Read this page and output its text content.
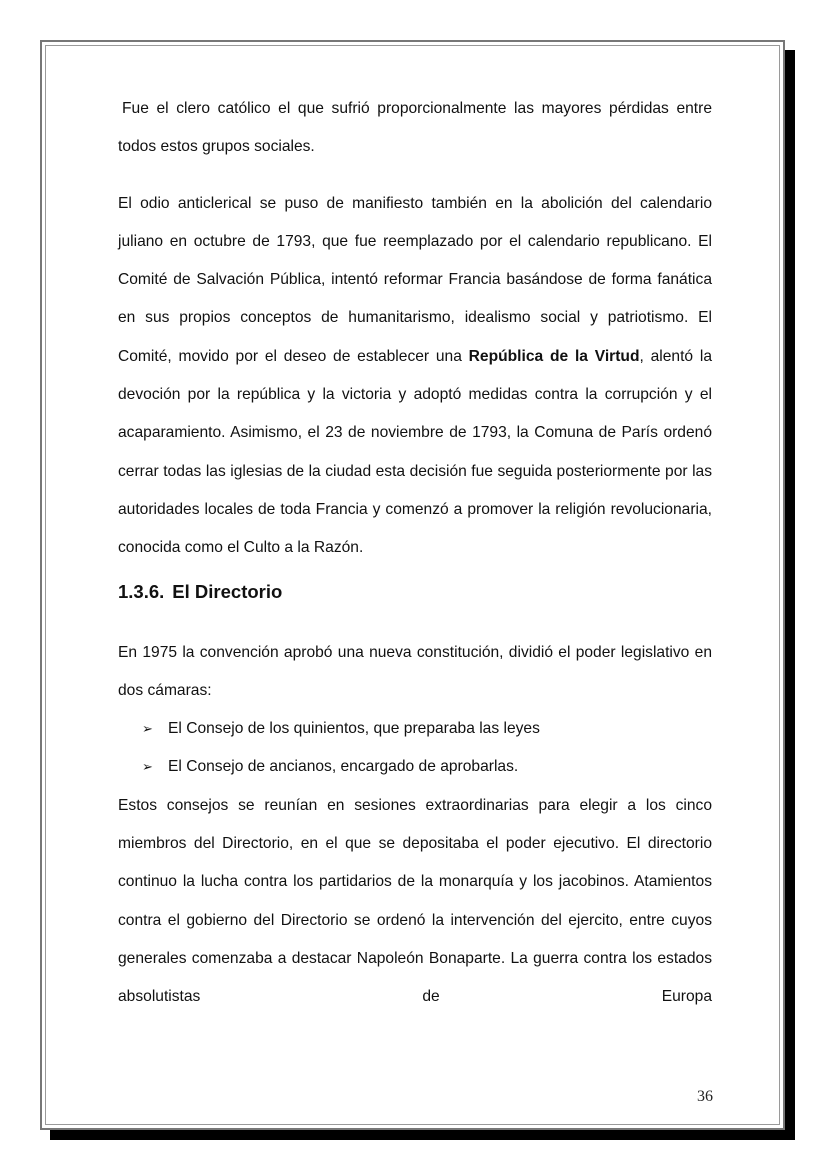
Fue el clero católico el que sufrió proporcionalmente las mayores pérdidas entre todos estos grupos sociales.

El odio anticlerical se puso de manifiesto también en la abolición del calendario juliano en octubre de 1793, que fue reemplazado por el calendario republicano. El Comité de Salvación Pública, intentó reformar Francia basándose de forma fanática en sus propios conceptos de humanitarismo, idealismo social y patriotismo. El Comité, movido por el deseo de establecer una República de la Virtud, alentó la devoción por la república y la victoria y adoptó medidas contra la corrupción y el acaparamiento. Asimismo, el 23 de noviembre de 1793, la Comuna de París ordenó cerrar todas las iglesias de la ciudad esta decisión fue seguida posteriormente por las autoridades locales de toda Francia y comenzó a promover la religión revolucionaria, conocida como el Culto a la Razón.

1.3.6. El Directorio

En 1975 la convención aprobó una nueva constitución, dividió el poder legislativo en dos cámaras:

➢ El Consejo de los quinientos, que preparaba las leyes
➢ El Consejo de ancianos, encargado de aprobarlas.

Estos consejos se reunían en sesiones extraordinarias para elegir a los cinco miembros del Directorio, en el que se depositaba el poder ejecutivo. El directorio continuo la lucha contra los partidarios de la monarquía y los jacobinos. Atamientos contra el gobierno del Directorio se ordenó la intervención del ejercito, entre cuyos generales comenzaba a destacar Napoleón Bonaparte. La guerra contra los estados absolutistas de Europa

36
